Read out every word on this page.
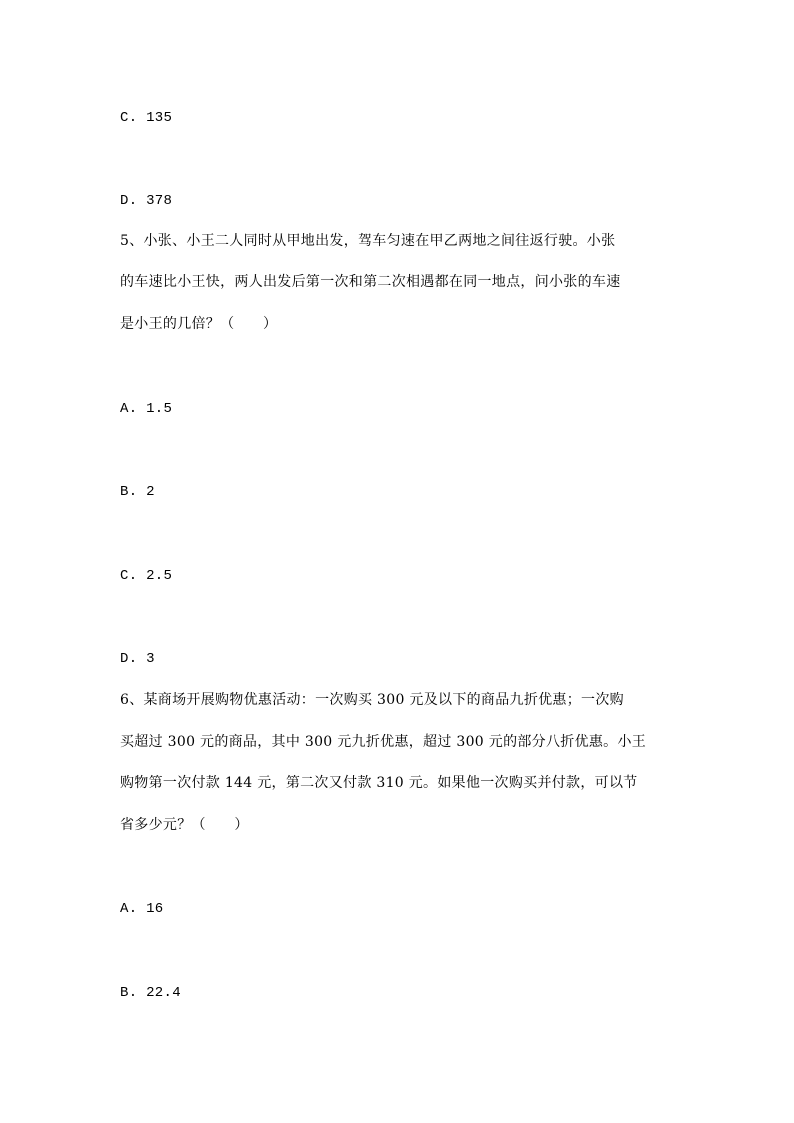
C. 135
D. 378
5、小张、小王二人同时从甲地出发，驾车匀速在甲乙两地之间往返行驶。小张
的车速比小王快，两人出发后第一次和第二次相遇都在同一地点，问小张的车速
是小王的几倍？（　　）
A. 1.5
B. 2
C. 2.5
D. 3
6、某商场开展购物优惠活动：一次购买 300 元及以下的商品九折优惠；一次购
买超过 300 元的商品，其中 300 元九折优惠，超过 300 元的部分八折优惠。小王
购物第一次付款 144 元，第二次又付款 310 元。如果他一次购买并付款，可以节
省多少元？（　　）
A. 16
B. 22.4
